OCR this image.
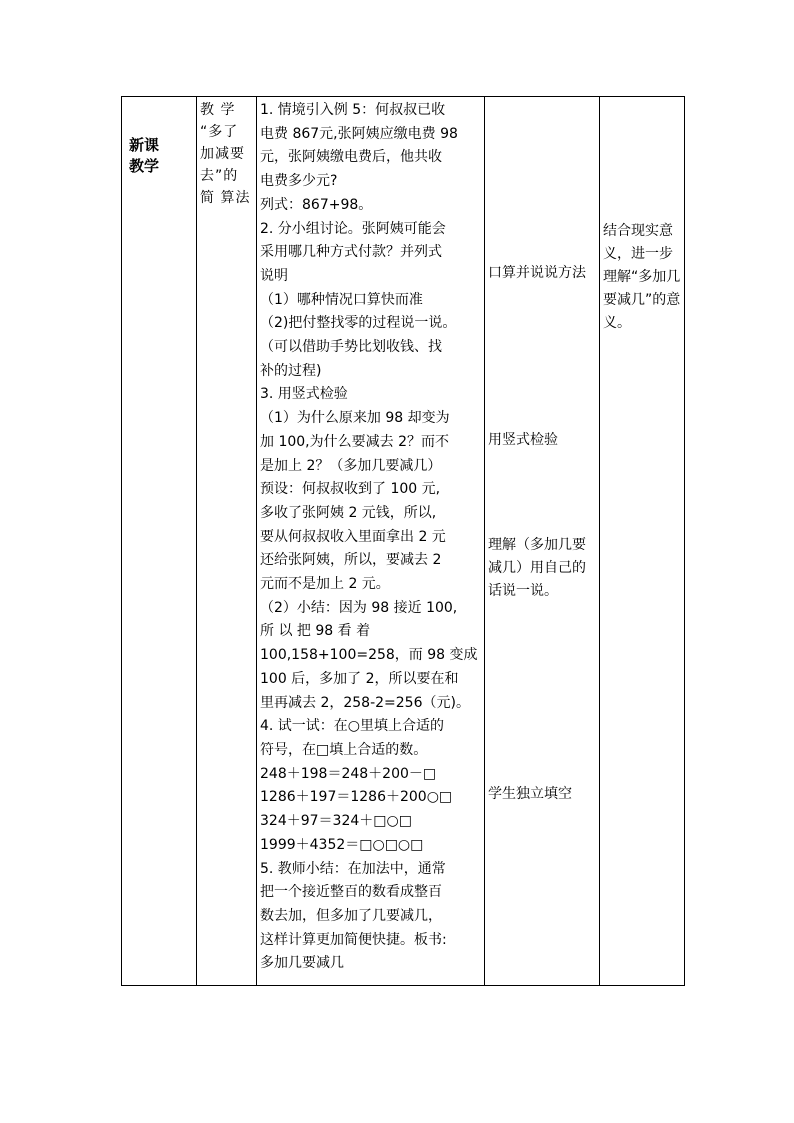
新课
教学
教 学 “多了加减要去”的简 算法
1. 情境引入例 5：何叔叔已收
电费 867元,张阿姨应缴电费 98
元，张阿姨缴电费后，他共收
电费多少元?
列式：867+98。
2. 分小组讨论。张阿姨可能会
采用哪几种方式付款？并列式
说明
（1）哪种情况口算快而准
（2)把付整找零的过程说一说。
（可以借助手势比划收钱、找
补的过程)
3. 用竖式检验
（1）为什么原来加 98 却变为
加 100,为什么要减去 2？而不
是加上 2？（多加几要减几）
预设：何叔叔收到了 100 元,
多收了张阿姨 2 元钱，所以,
要从何叔叔收入里面拿出 2 元
还给张阿姨，所以，要减去 2
元而不是加上 2 元。
（2）小结：因为 98 接近 100,
所 以 把 98 看 着
100,158+100=258，而 98 变成
100 后，多加了 2，所以要在和
里再减去 2，258-2=256（元)。
4. 试一试：在○里填上合适的
符号，在□填上合适的数。
248＋198＝248＋200－□
1286＋197＝1286＋200○□
324＋97＝324＋□○□
1999＋4352＝□○□○□
5. 教师小结：在加法中，通常
把一个接近整百的数看成整百
数去加，但多加了几要减几，
这样计算更加简便快捷。板书:
多加几要减几
口算并说说方法
用竖式检验
理解（多加几要减几）用自己的话说一说。
学生独立填空
结合现实意义，进一步理解“多加几要减几”的意义。
